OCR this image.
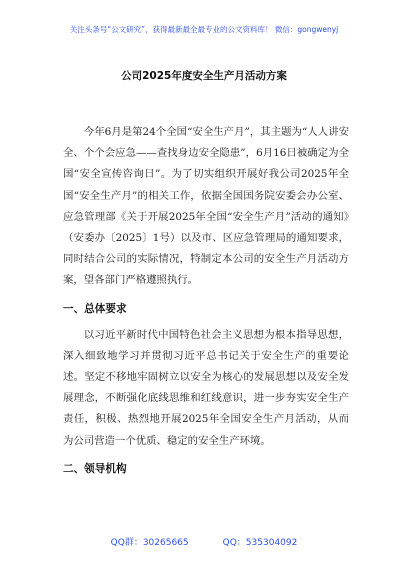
关注头条号“公文研究”，获得最新最全最专业的公文资料库！ 微信：gongwenyj
公司2025年度安全生产月活动方案

今年6月是第24个全国“安全生产月”，其主题为“人人讲安全、个个会应急——查找身边安全隐患”，6月16日被确定为全国“安全宣传咨询日”。为了切实组织开展好我公司2025年全国“安全生产月”的相关工作，依据全国国务院安委会办公室、应急管理部《关于开展2025年全国“安全生产月”活动的通知》（安委办〔2025〕1号）以及市、区应急管理局的通知要求，同时结合公司的实际情况，特制定本公司的安全生产月活动方案，望各部门严格遵照执行。

一、总体要求

以习近平新时代中国特色社会主义思想为根本指导思想，深入细致地学习并贯彻习近平总书记关于安全生产的重要论述。坚定不移地牢固树立以安全为核心的发展思想以及安全发展理念，不断强化底线思维和红线意识，进一步夯实安全生产责任，积极、热烈地开展2025年全国安全生产月活动，从而为公司营造一个优质、稳定的安全生产环境。

二、领导机构
QQ群：30265665	QQ：535304092
